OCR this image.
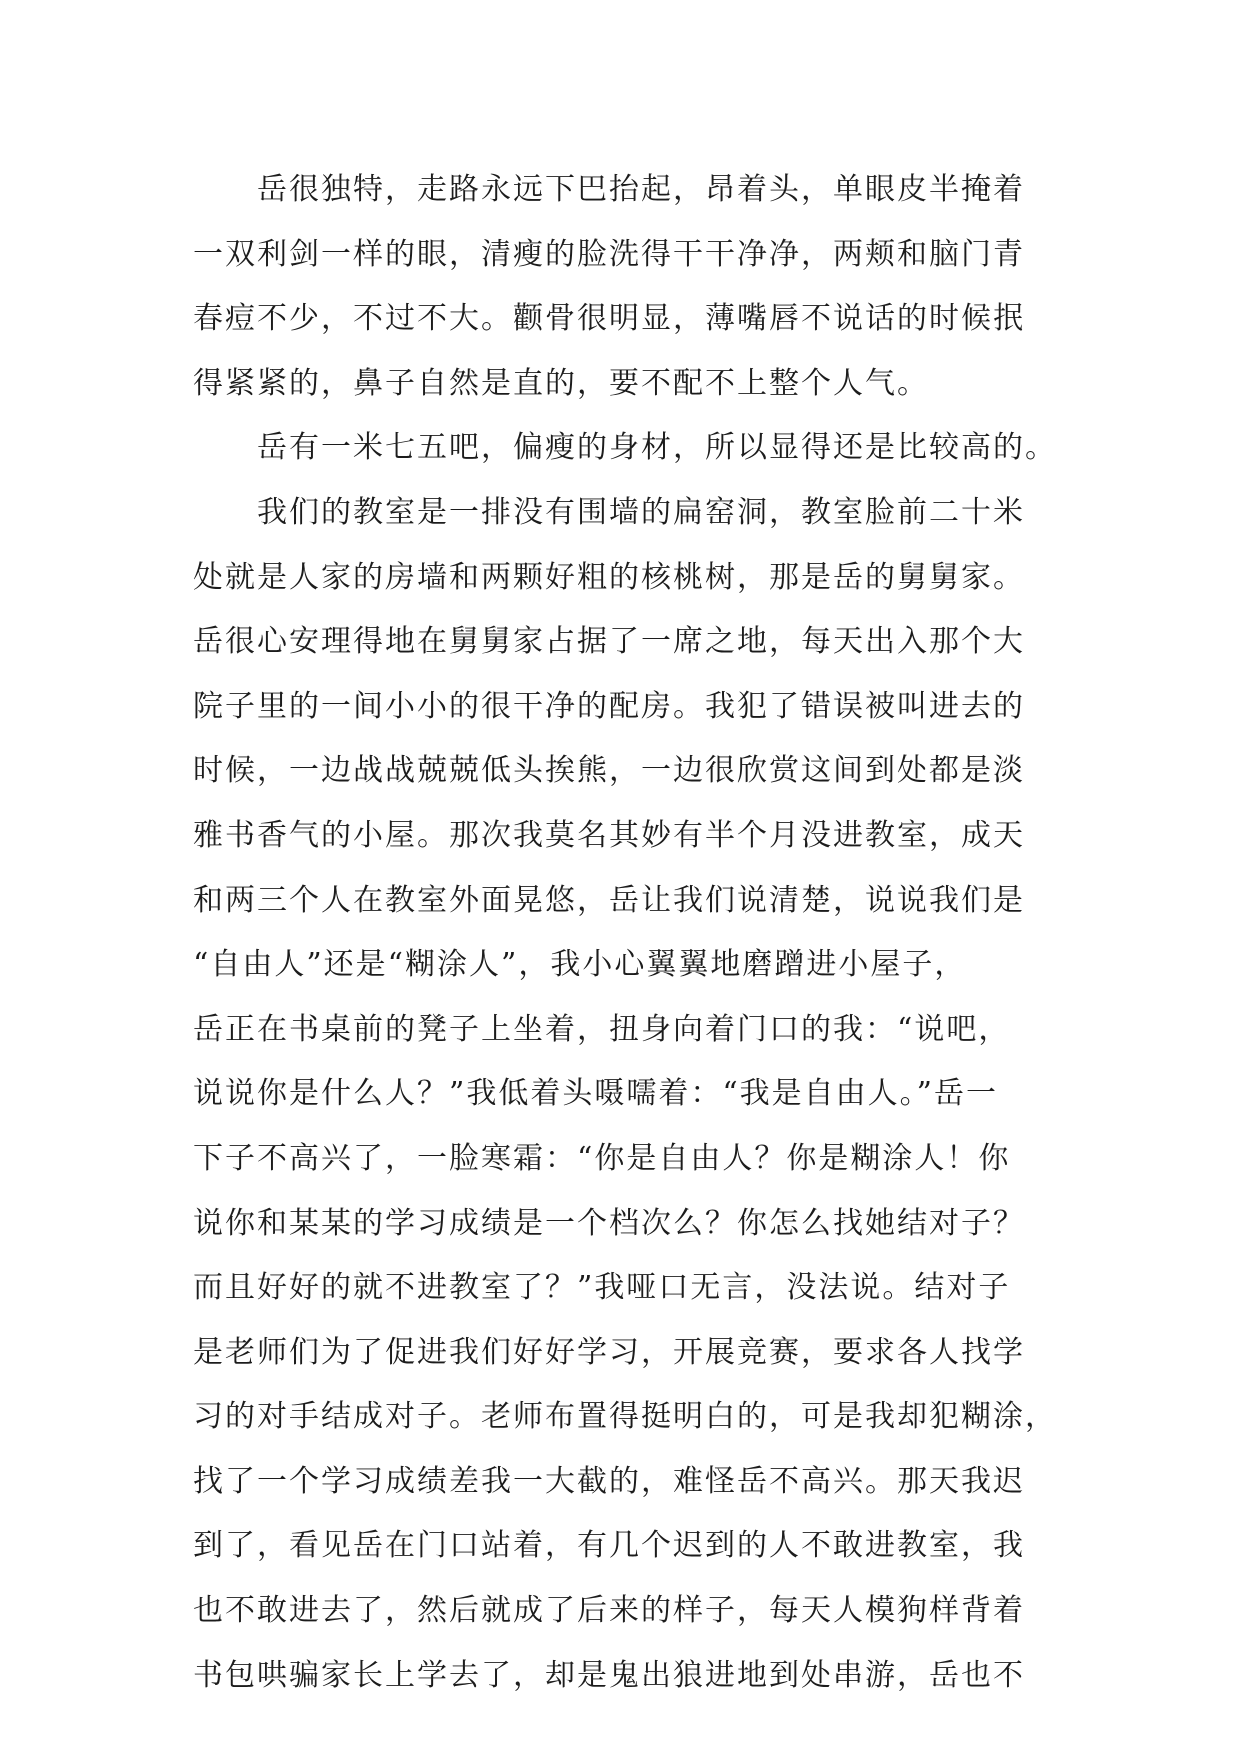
岳很独特，走路永远下巴抬起，昂着头，单眼皮半掩着
一双利剑一样的眼，清瘦的脸洗得干干净净，两颊和脑门青
春痘不少，不过不大。颧骨很明显，薄嘴唇不说话的时候抿
得紧紧的，鼻子自然是直的，要不配不上整个人气。
岳有一米七五吧，偏瘦的身材，所以显得还是比较高的。
我们的教室是一排没有围墙的扁窑洞，教室脸前二十米
处就是人家的房墙和两颗好粗的核桃树，那是岳的舅舅家。
岳很心安理得地在舅舅家占据了一席之地，每天出入那个大
院子里的一间小小的很干净的配房。我犯了错误被叫进去的
时候，一边战战兢兢低头挨熊，一边很欣赏这间到处都是淡
雅书香气的小屋。那次我莫名其妙有半个月没进教室，成天
和两三个人在教室外面晃悠，岳让我们说清楚，说说我们是
“自由人”还是“糊涂人”，我小心翼翼地磨蹭进小屋子，
岳正在书桌前的凳子上坐着，扭身向着门口的我：“说吧，
说说你是什么人？”我低着头嗫嚅着：“我是自由人。”岳一
下子不高兴了，一脸寒霜：“你是自由人？你是糊涂人！你
说你和某某的学习成绩是一个档次么？你怎么找她结对子？
而且好好的就不进教室了？”我哑口无言，没法说。结对子
是老师们为了促进我们好好学习，开展竞赛，要求各人找学
习的对手结成对子。老师布置得挺明白的，可是我却犯糊涂，
找了一个学习成绩差我一大截的，难怪岳不高兴。那天我迟
到了，看见岳在门口站着，有几个迟到的人不敢进教室，我
也不敢进去了，然后就成了后来的样子，每天人模狗样背着
书包哄骗家长上学去了，却是鬼出狼进地到处串游，岳也不
